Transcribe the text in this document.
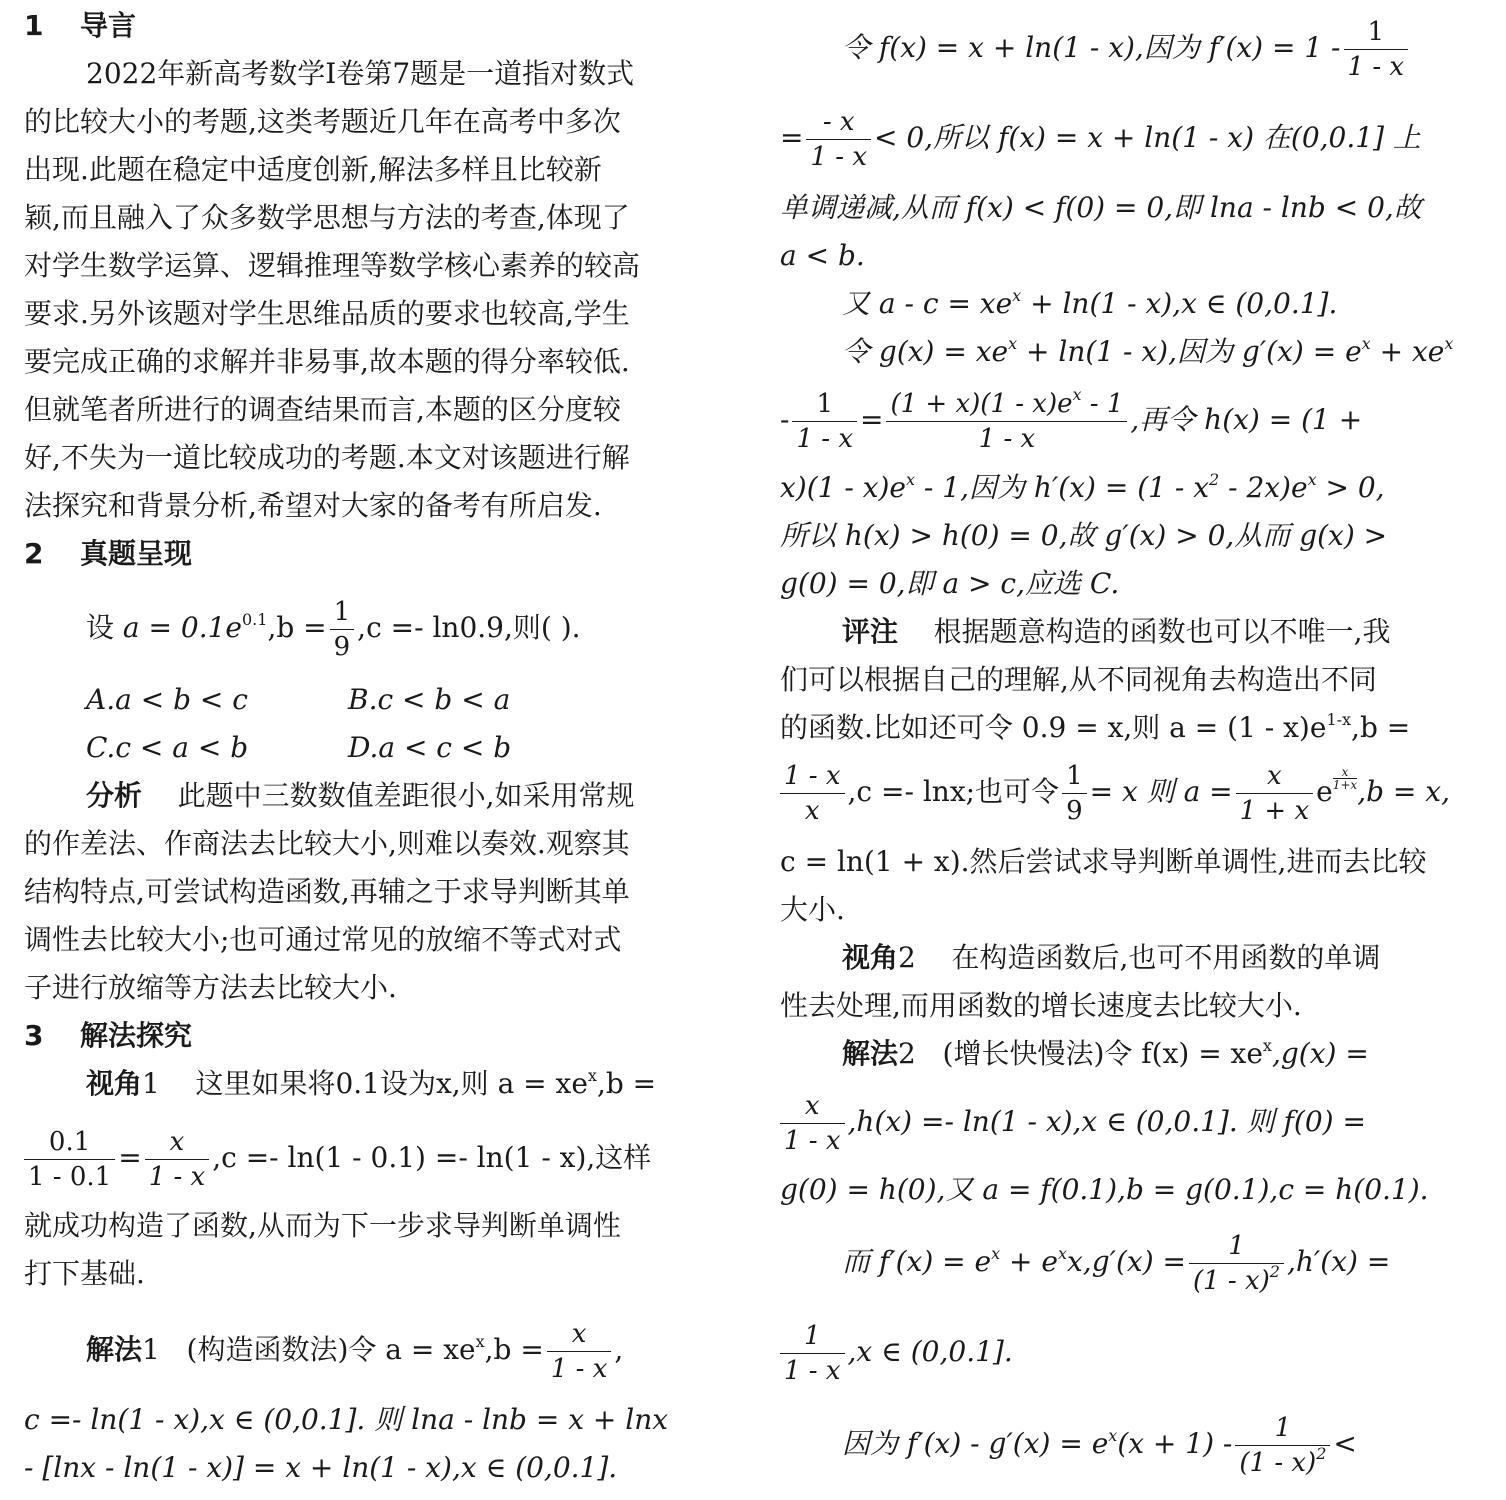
1 导言
2022年新高考数学Ⅰ卷第7题是一道指对数式
的比较大小的考题,这类考题近几年在高考中多次
出现.此题在稳定中适度创新,解法多样且比较新
颖,而且融入了众多数学思想与方法的考查,体现了
对学生数学运算、逻辑推理等数学核心素养的较高
要求.另外该题对学生思维品质的要求也较高,学生
要完成正确的求解并非易事,故本题的得分率较低.
但就笔者所进行的调查结果而言,本题的区分度较
好,不失为一道比较成功的考题.本文对该题进行解
法探究和背景分析,希望对大家的备考有所启发.
2 真题呈现
设 $a = 0.1e^{0.1},b = \frac{1}{9} ,c =- \ln 0.9$,则( ).
A.a < b < c	B.c < b < a
C.c < a < b	D.a < c < b
分析 此题中三数数值差距很小,如采用常规
的作差法、作商法去比较大小,则难以奏效.观察其
结构特点,可尝试构造函数,再辅之于求导判断其单
调性去比较大小;也可通过常见的放缩不等式对式
子进行放缩等方法去比较大小.
3 解法探究
视角1 这里如果将0.1设为x,则 $a = xe^x,b$ =
$\frac{0.1}{1 - 0.1} = \frac{x}{1 - x} ,c =- \ln(1 - 0.1) =- \ln(1 - x)$,这样
就成功构造了函数,从而为下一步求导判断单调性
打下基础.
解法1 (构造函数法)令 $a = xe^x,b = \frac{x}{1 - x}$ ,
c =- ln(1 - x),x ∈ (0,0.1]. 则 lna - lnb = x + lnx
- [lnx - ln(1 - x)] = x + ln(1 - x),x ∈ (0,0.1].
令 f(x) = x + ln(1 - x),因为 $f'(x) = 1 - \frac{1}{1 - x}$
= $\frac{- x}{1 - x} < 0$,所以 f(x) = x + ln(1 - x) 在(0,0.1] 上
单调递减,从而 f(x) < f(0) = 0,即 lna - lnb < 0,故
a < b.
又 $a - c = xe^x + \ln(1 - x),x$ ∈ (0,0.1].
令 $g(x) = xe^x + \ln(1 - x)$,因为 $g'(x) = e^x + xe^x$
- $\frac{1}{1 - x} = \frac{(1 + x)(1 - x)e^x - 1}{1 - x}$ ,再令 h(x) = (1 +
$x)(1 - x)e^x - 1$,因为 $h'(x) = (1 - x^2 - 2x)e^x > 0$,
所以 h(x) > h(0) = 0,故 g′(x) > 0,从而 g(x) >
g(0) = 0,即 a > c,应选 C.
评注 根据题意构造的函数也可以不唯一,我
们可以根据自己的理解,从不同视角去构造出不同
的函数.比如还可令 0.9 = x,则 $a = (1 - x)e^{1-x},b$ =
$\frac{1 - x}{x} ,c =- \ln x$;也可令 $\frac{1}{9} = x$ 则 $a = \frac{x}{1 + x} e\frac{x}{1+x} ,b = x$,
c = ln(1 + x).然后尝试求导判断单调性,进而去比较
大小.
视角2 在构造函数后,也可不用函数的单调
性去处理,而用函数的增长速度去比较大小.
解法2 (增长快慢法)令 $f(x) = xe^x,g(x)$ =
$\frac{x}{1 - x} ,h(x) =- \ln(1 - x),x$ ∈ (0,0.1]. 则 f(0) =
g(0) = h(0),又 a = f(0.1),b = g(0.1),c = h(0.1).
而 $f'(x) = e^x + e^xx,g'(x) = \frac{1}{(1 - x)^2} ,h'(x)$ =
$\frac{1}{1 - x} ,x$ ∈ (0,0.1].
因为 $f'(x) - g'(x) = e^x(x + 1) - \frac{1}{(1 - x)^2}$ <
